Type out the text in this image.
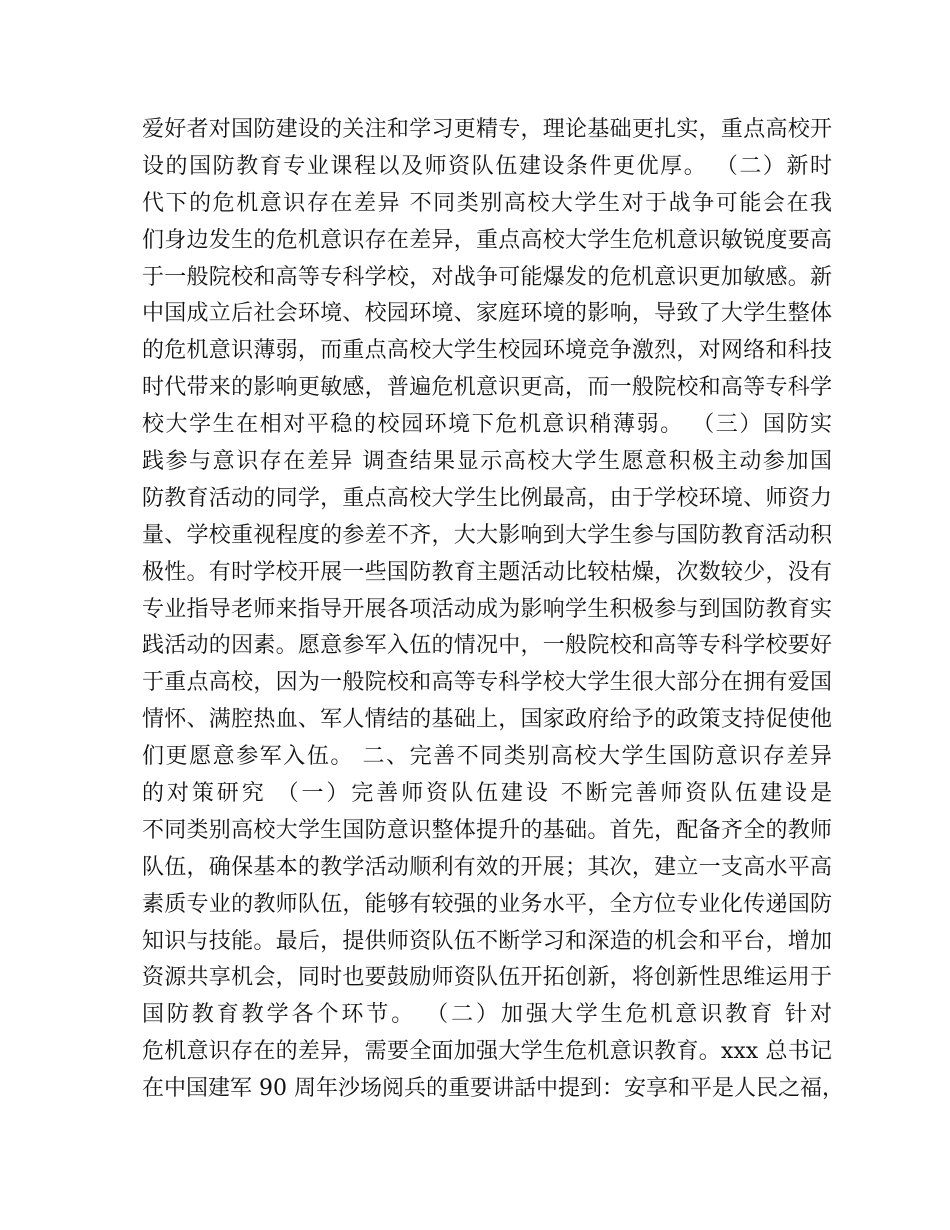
爱好者对国防建设的关注和学习更精专，理论基础更扎实，重点高校开
设的国防教育专业课程以及师资队伍建设条件更优厚。 （二）新时
代下的危机意识存在差异 不同类别高校大学生对于战争可能会在我
们身边发生的危机意识存在差异，重点高校大学生危机意识敏锐度要高
于一般院校和高等专科学校，对战争可能爆发的危机意识更加敏感。新
中国成立后社会环境、校园环境、家庭环境的影响，导致了大学生整体
的危机意识薄弱，而重点高校大学生校园环境竞争激烈，对网络和科技
时代带来的影响更敏感，普遍危机意识更高，而一般院校和高等专科学
校大学生在相对平稳的校园环境下危机意识稍薄弱。 （三）国防实
践参与意识存在差异 调查结果显示高校大学生愿意积极主动参加国
防教育活动的同学，重点高校大学生比例最高，由于学校环境、师资力
量、学校重视程度的参差不齐，大大影响到大学生参与国防教育活动积
极性。有时学校开展一些国防教育主题活动比较枯燥，次数较少，没有
专业指导老师来指导开展各项活动成为影响学生积极参与到国防教育实
践活动的因素。愿意参军入伍的情况中，一般院校和高等专科学校要好
于重点高校，因为一般院校和高等专科学校大学生很大部分在拥有爱国
情怀、满腔热血、军人情结的基础上，国家政府给予的政策支持促使他
们更愿意参军入伍。 二、完善不同类别高校大学生国防意识存差异
的对策研究 （一）完善师资队伍建设 不断完善师资队伍建设是
不同类别高校大学生国防意识整体提升的基础。首先，配备齐全的教师
队伍，确保基本的教学活动顺利有效的开展；其次，建立一支高水平高
素质专业的教师队伍，能够有较强的业务水平，全方位专业化传递国防
知识与技能。最后，提供师资队伍不断学习和深造的机会和平台，增加
资源共享机会，同时也要鼓励师资队伍开拓创新，将创新性思维运用于
国防教育教学各个环节。 （二）加强大学生危机意识教育 针对
危机意识存在的差异，需要全面加强大学生危机意识教育。xxx 总书记
在中国建军 90 周年沙场阅兵的重要讲話中提到：安享和平是人民之福，
